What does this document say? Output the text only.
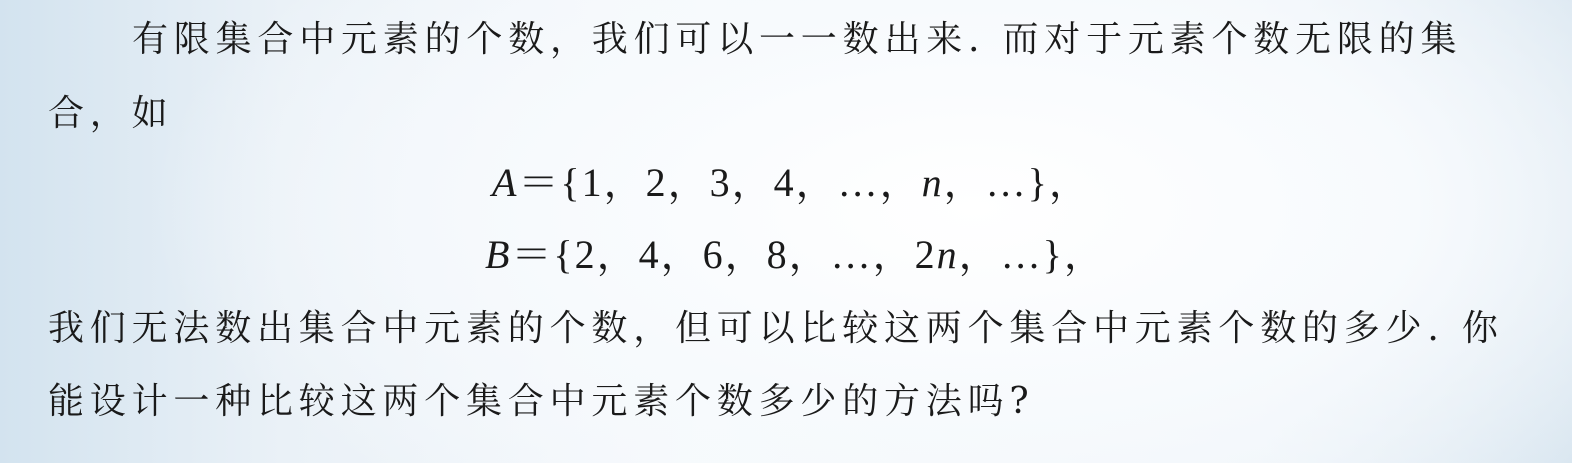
有限集合中元素的个数，我们可以一一数出来. 而对于元素个数无限的集
合，如
A＝{1，2，3，4，…，n，…}，
B＝{2，4，6，8，…，2n，…}，
我们无法数出集合中元素的个数，但可以比较这两个集合中元素个数的多少. 你
能设计一种比较这两个集合中元素个数多少的方法吗?
